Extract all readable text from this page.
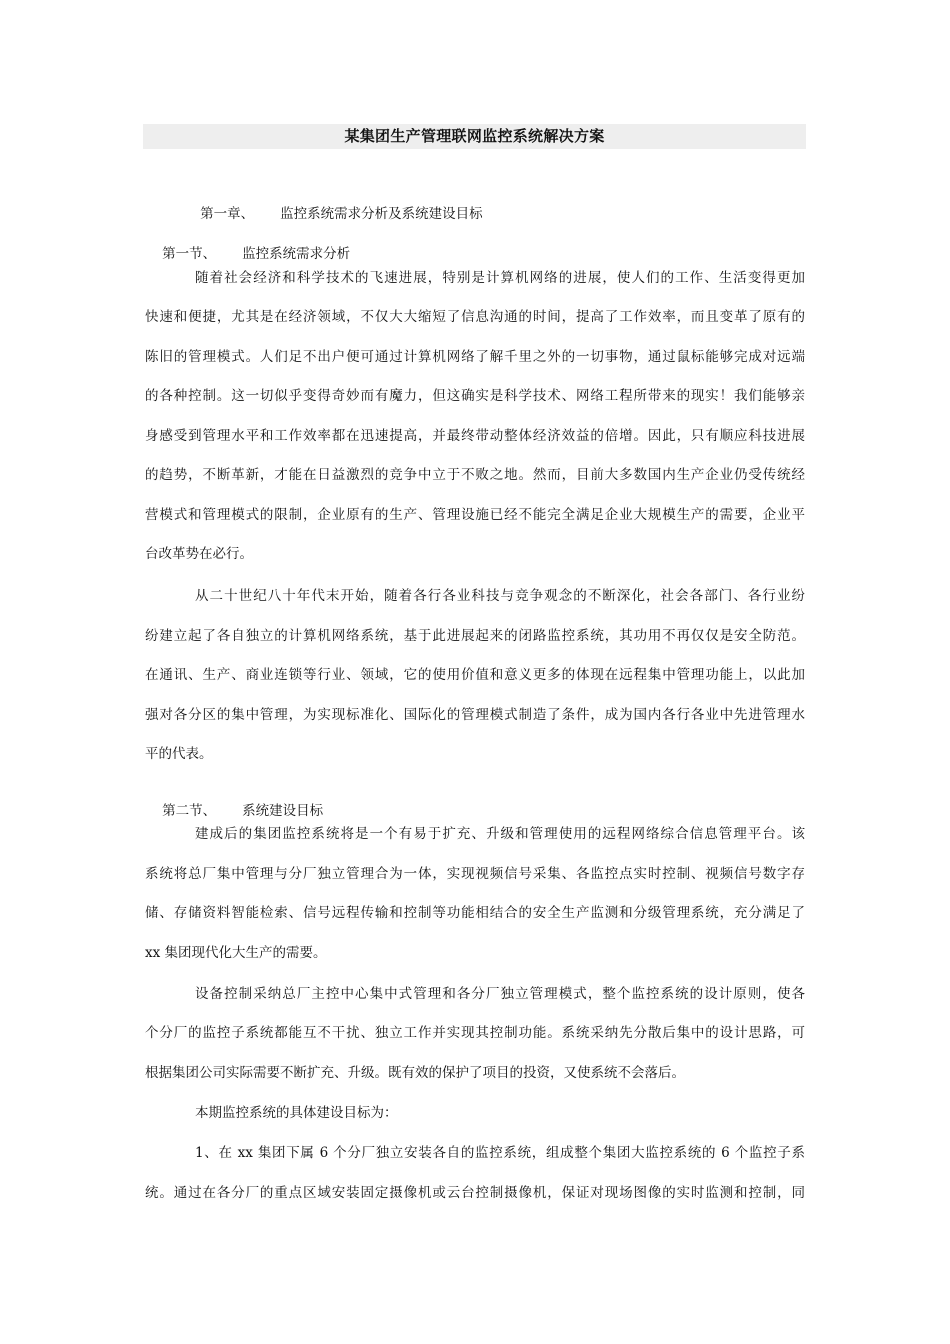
某集团生产管理联网监控系统解决方案

第一章、 监控系统需求分析及系统建设目标

第一节、 监控系统需求分析

随着社会经济和科学技术的飞速进展，特别是计算机网络的进展，使人们的工作、生活变得更加
快速和便捷，尤其是在经济领域，不仅大大缩短了信息沟通的时间，提高了工作效率，而且变革了原有的
陈旧的管理模式。人们足不出户便可通过计算机网络了解千里之外的一切事物，通过鼠标能够完成对远端
的各种控制。这一切似乎变得奇妙而有魔力，但这确实是科学技术、网络工程所带来的现实！我们能够亲
身感受到管理水平和工作效率都在迅速提高，并最终带动整体经济效益的倍增。因此，只有顺应科技进展
的趋势，不断革新，才能在日益激烈的竞争中立于不败之地。然而，目前大多数国内生产企业仍受传统经
营模式和管理模式的限制，企业原有的生产、管理设施已经不能完全满足企业大规模生产的需要，企业平
台改革势在必行。
从二十世纪八十年代末开始，随着各行各业科技与竞争观念的不断深化，社会各部门、各行业纷
纷建立起了各自独立的计算机网络系统，基于此进展起来的闭路监控系统，其功用不再仅仅是安全防范。
在通讯、生产、商业连锁等行业、领域，它的使用价值和意义更多的体现在远程集中管理功能上，以此加
强对各分区的集中管理，为实现标准化、国际化的管理模式制造了条件，成为国内各行各业中先进管理水
平的代表。

第二节、 系统建设目标

建成后的集团监控系统将是一个有易于扩充、升级和管理使用的远程网络综合信息管理平台。该
系统将总厂集中管理与分厂独立管理合为一体，实现视频信号采集、各监控点实时控制、视频信号数字存
储、存储资料智能检索、信号远程传输和控制等功能相结合的安全生产监测和分级管理系统，充分满足了
xx 集团现代化大生产的需要。
设备控制采纳总厂主控中心集中式管理和各分厂独立管理模式，整个监控系统的设计原则，使各
个分厂的监控子系统都能互不干扰、独立工作并实现其控制功能。系统采纳先分散后集中的设计思路，可
根据集团公司实际需要不断扩充、升级。既有效的保护了项目的投资，又使系统不会落后。
本期监控系统的具体建设目标为：
1、在 xx 集团下属 6 个分厂独立安装各自的监控系统，组成整个集团大监控系统的 6 个监控子系
统。通过在各分厂的重点区域安装固定摄像机或云台控制摄像机，保证对现场图像的实时监测和控制，同
